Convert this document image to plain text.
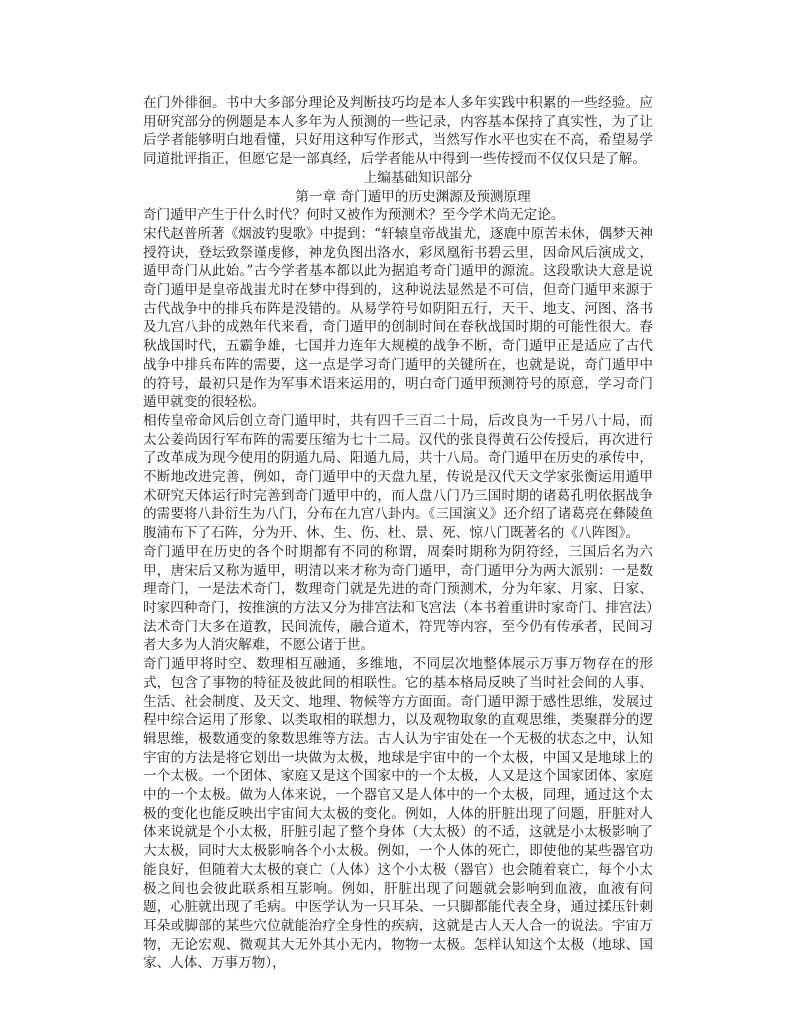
在门外徘徊。书中大多部分理论及判断技巧均是本人多年实践中积累的一些经验。应用研究部分的例题是本人多年为人预测的一些记录，内容基本保持了真实性，为了让后学者能够明白地看懂，只好用这种写作形式，当然写作水平也实在不高，希望易学同道批评指正，但愿它是一部真经，后学者能从中得到一些传授而不仅仅只是了解。

上编基础知识部分

第一章 奇门遁甲的历史渊源及预测原理

奇门遁甲产生于什么时代？何时又被作为预测术？至今学术尚无定论。

宋代赵普所著《烟波钓叟歌》中提到：“轩辕皇帝战蚩尤，逐鹿中原苦未休，偶梦天神授符诀，登坛致祭谨虔修，神龙负图出洛水，彩凤凰衔书碧云里，因命风后演成文，遁甲奇门从此始。”古今学者基本都以此为据追考奇门遁甲的源流。这段歌诀大意是说奇门遁甲是皇帝战蚩尤时在梦中得到的，这种说法显然是不可信，但奇门遁甲来源于古代战争中的排兵布阵是没错的。从易学符号如阴阳五行，天干、地支、河图、洛书及九宫八卦的成熟年代来看，奇门遁甲的创制时间在春秋战国时期的可能性很大。春秋战国时代，五霸争雄，七国并力连年大规模的战争不断，奇门遁甲正是适应了古代战争中排兵布阵的需要，这一点是学习奇门遁甲的关键所在，也就是说，奇门遁甲中的符号，最初只是作为军事术语来运用的，明白奇门遁甲预测符号的原意，学习奇门遁甲就变的很轻松。

相传皇帝命风后创立奇门遁甲时，共有四千三百二十局，后改良为一千另八十局，而太公姜尚因行军布阵的需要压缩为七十二局。汉代的张良得黄石公传授后，再次进行了改革成为现今使用的阴遁九局、阳遁九局，共十八局。奇门遁甲在历史的承传中，不断地改进完善，例如，奇门遁甲中的天盘九星，传说是汉代天文学家张衡运用遁甲术研究天体运行时完善到奇门遁甲中的，而人盘八门乃三国时期的诸葛孔明依据战争的需要将八卦衍生为八门，分布在九宫八卦内。《三国演义》还介绍了诸葛亮在彝陵鱼腹浦布下了石阵，分为开、休、生、伤、杜、景、死、惊八门既著名的《八阵图》。

奇门遁甲在历史的各个时期都有不同的称谓，周秦时期称为阴符经，三国后名为六甲，唐宋后又称为遁甲，明清以来才称为奇门遁甲，奇门遁甲分为两大派别：一是数理奇门，一是法术奇门，数理奇门就是先进的奇门预测术，分为年家、月家、日家、时家四种奇门，按推演的方法又分为排宫法和飞宫法（本书着重讲时家奇门、排宫法）法术奇门大多在道教，民间流传，融合道术，符咒等内容，至今仍有传承者，民间习者大多为人消灾解难，不愿公诸于世。

奇门遁甲将时空、数理相互融通，多维地，不同层次地整体展示万事万物存在的形式，包含了事物的特征及彼此间的相联性。它的基本格局反映了当时社会间的人事、生活、社会制度、及天文、地理、物候等方方面面。奇门遁甲源于感性思维，发展过程中综合运用了形象、以类取相的联想力，以及观物取象的直观思维，类聚群分的逻辑思维，极数通变的象数思维等方法。古人认为宇宙处在一个无极的状态之中，认知宇宙的方法是将它划出一块做为太极，地球是宇宙中的一个太极，中国又是地球上的一个太极。一个团体、家庭又是这个国家中的一个太极，人又是这个国家团体、家庭中的一个太极。做为人体来说，一个器官又是人体中的一个太极，同理，通过这个太极的变化也能反映出宇宙间大太极的变化。例如，人体的肝脏出现了问题，肝脏对人体来说就是个小太极，肝脏引起了整个身体（大太极）的不适，这就是小太极影响了大太极，同时大太极影响各个小太极。例如，一个人体的死亡，即使他的某些器官功能良好，但随着大太极的衰亡（人体）这个小太极（器官）也会随着衰亡，每个小太极之间也会彼此联系相互影响。例如，肝脏出现了问题就会影响到血液，血液有问题，心脏就出现了毛病。中医学认为一只耳朵、一只脚都能代表全身，通过揉压针刺耳朵或脚部的某些穴位就能治疗全身性的疾病，这就是古人天人合一的说法。宇宙万物，无论宏观、微观其大无外其小无内，物物一太极。怎样认知这个太极（地球、国家、人体、万事万物），
